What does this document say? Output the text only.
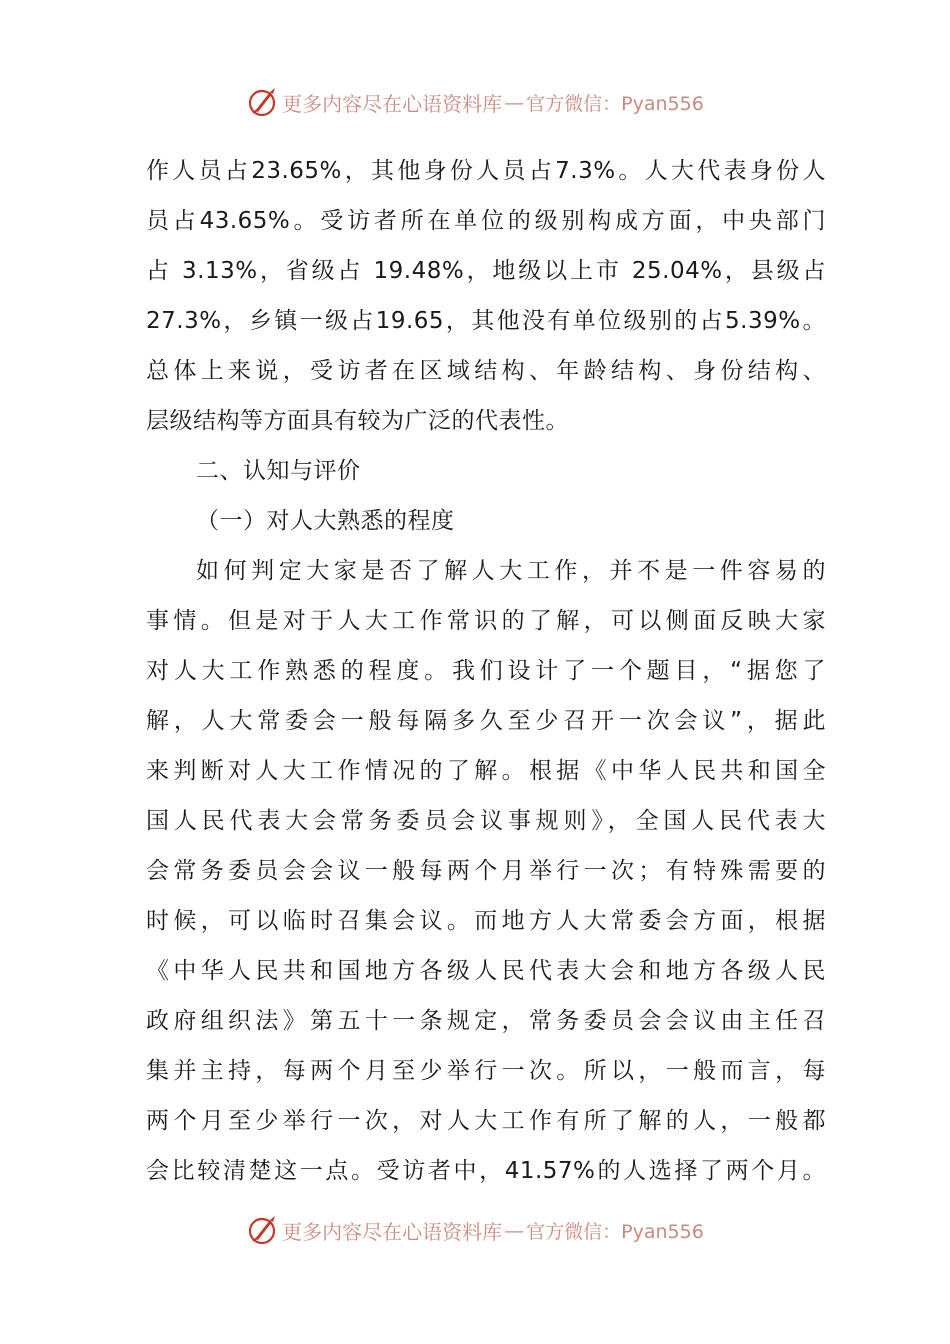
更多内容尽在心语资料库 — 官方微信：Pyan556
作人员占23.65%，其他身份人员占7.3%。人大代表身份人
员占43.65%。受访者所在单位的级别构成方面，中央部门
占 3.13%，省级占 19.48%，地级以上市 25.04%，县级占
27.3%，乡镇一级占19.65，其他没有单位级别的占5.39%。
总体上来说，受访者在区域结构、年龄结构、身份结构、
层级结构等方面具有较为广泛的代表性。
二、认知与评价
（一）对人大熟悉的程度
如何判定大家是否了解人大工作，并不是一件容易的
事情。但是对于人大工作常识的了解，可以侧面反映大家
对人大工作熟悉的程度。我们设计了一个题目，“据您了
解，人大常委会一般每隔多久至少召开一次会议”，据此
来判断对人大工作情况的了解。根据《中华人民共和国全
国人民代表大会常务委员会议事规则》，全国人民代表大
会常务委员会会议一般每两个月举行一次；有特殊需要的
时候，可以临时召集会议。而地方人大常委会方面，根据
《中华人民共和国地方各级人民代表大会和地方各级人民
政府组织法》第五十一条规定，常务委员会会议由主任召
集并主持，每两个月至少举行一次。所以，一般而言，每
两个月至少举行一次，对人大工作有所了解的人，一般都
会比较清楚这一点。受访者中，41.57%的人选择了两个月。
更多内容尽在心语资料库 — 官方微信：Pyan556
